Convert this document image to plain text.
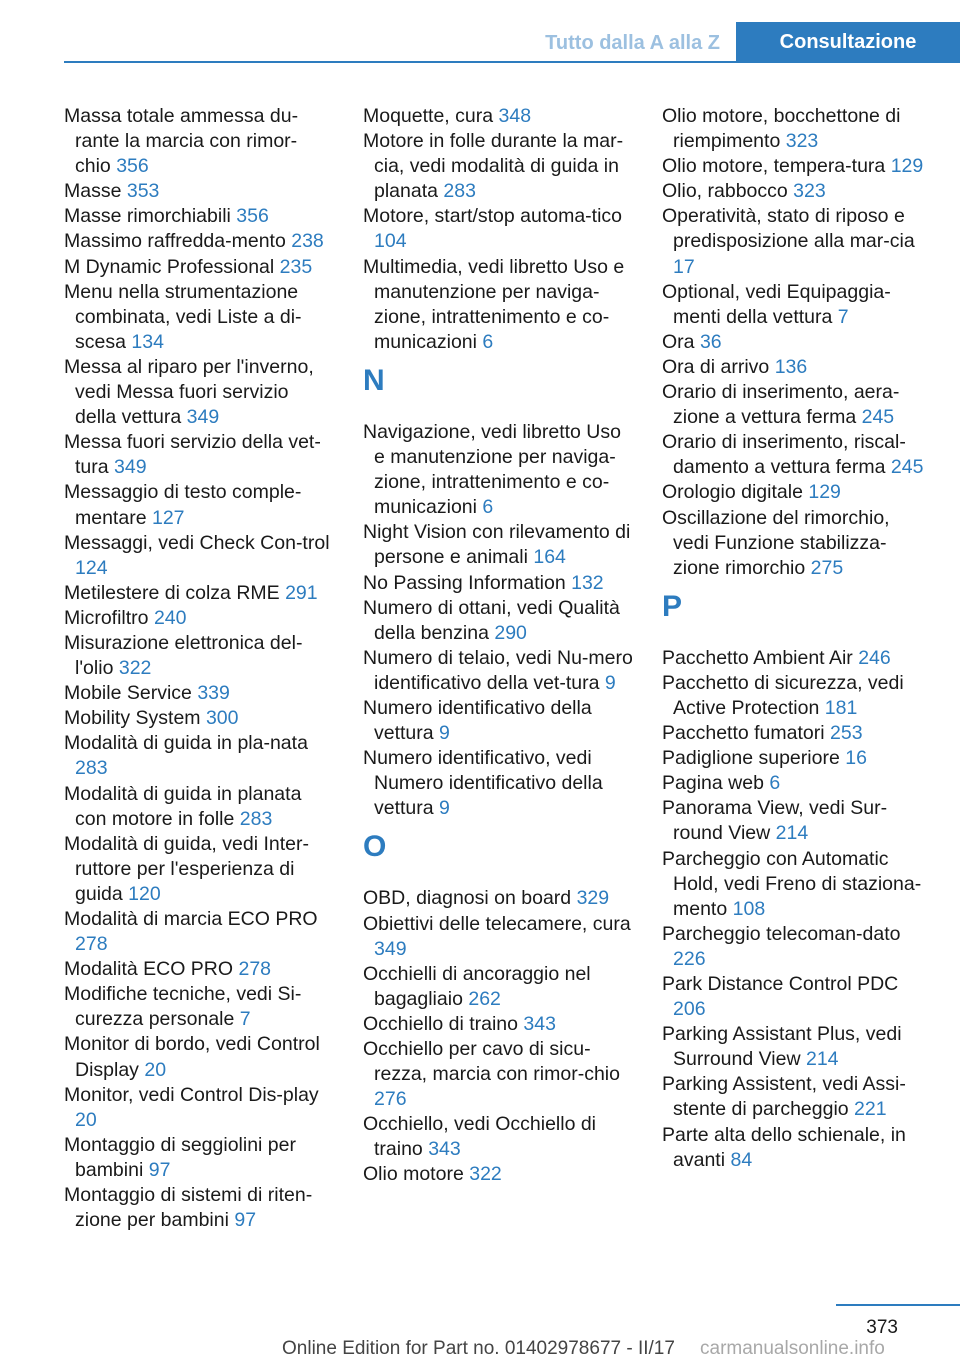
Tutto dalla A alla Z	Consultazione
Massa totale ammessa du-rante la marcia con rimor-chio 356
Masse 353
Masse rimorchiabili 356
Massimo raffredda-mento 238
M Dynamic Professional 235
Menu nella strumentazione combinata, vedi Liste a di-scesa 134
Messa al riparo per l'inverno, vedi Messa fuori servizio della vettura 349
Messa fuori servizio della vet-tura 349
Messaggio di testo comple-mentare 127
Messaggi, vedi Check Con-trol 124
Metilestere di colza RME 291
Microfiltro 240
Misurazione elettronica del-l'olio 322
Mobile Service 339
Mobility System 300
Modalità di guida in pla-nata 283
Modalità di guida in planata con motore in folle 283
Modalità di guida, vedi Inter-ruttore per l'esperienza di guida 120
Modalità di marcia ECO PRO 278
Modalità ECO PRO 278
Modifiche tecniche, vedi Si-curezza personale 7
Monitor di bordo, vedi Control Display 20
Monitor, vedi Control Dis-play 20
Montaggio di seggiolini per bambini 97
Montaggio di sistemi di riten-zione per bambini 97
Moquette, cura 348
Motore in folle durante la mar-cia, vedi modalità di guida in planata 283
Motore, start/stop automa-tico 104
Multimedia, vedi libretto Uso e manutenzione per naviga-zione, intrattenimento e co-municazioni 6
N
Navigazione, vedi libretto Uso e manutenzione per naviga-zione, intrattenimento e co-municazioni 6
Night Vision con rilevamento di persone e animali 164
No Passing Information 132
Numero di ottani, vedi Qualità della benzina 290
Numero di telaio, vedi Nu-mero identificativo della vet-tura 9
Numero identificativo della vettura 9
Numero identificativo, vedi Numero identificativo della vettura 9
O
OBD, diagnosi on board 329
Obiettivi delle telecamere, cura 349
Occhielli di ancoraggio nel bagagliaio 262
Occhiello di traino 343
Occhiello per cavo di sicu-rezza, marcia con rimor-chio 276
Occhiello, vedi Occhiello di traino 343
Olio motore 322
Olio motore, bocchettone di riempimento 323
Olio motore, tempera-tura 129
Olio, rabbocco 323
Operatività, stato di riposo e predisposizione alla mar-cia 17
Optional, vedi Equipaggia-menti della vettura 7
Ora 36
Ora di arrivo 136
Orario di inserimento, aera-zione a vettura ferma 245
Orario di inserimento, riscal-damento a vettura ferma 245
Orologio digitale 129
Oscillazione del rimorchio, vedi Funzione stabilizza-zione rimorchio 275
P
Pacchetto Ambient Air 246
Pacchetto di sicurezza, vedi Active Protection 181
Pacchetto fumatori 253
Padiglione superiore 16
Pagina web 6
Panorama View, vedi Sur-round View 214
Parcheggio con Automatic Hold, vedi Freno di staziona-mento 108
Parcheggio telecoman-dato 226
Park Distance Control PDC 206
Parking Assistant Plus, vedi Surround View 214
Parking Assistent, vedi Assi-stente di parcheggio 221
Parte alta dello schienale, in avanti 84
373
Online Edition for Part no. 01402978677 - II/17 carmanualsonline.info
